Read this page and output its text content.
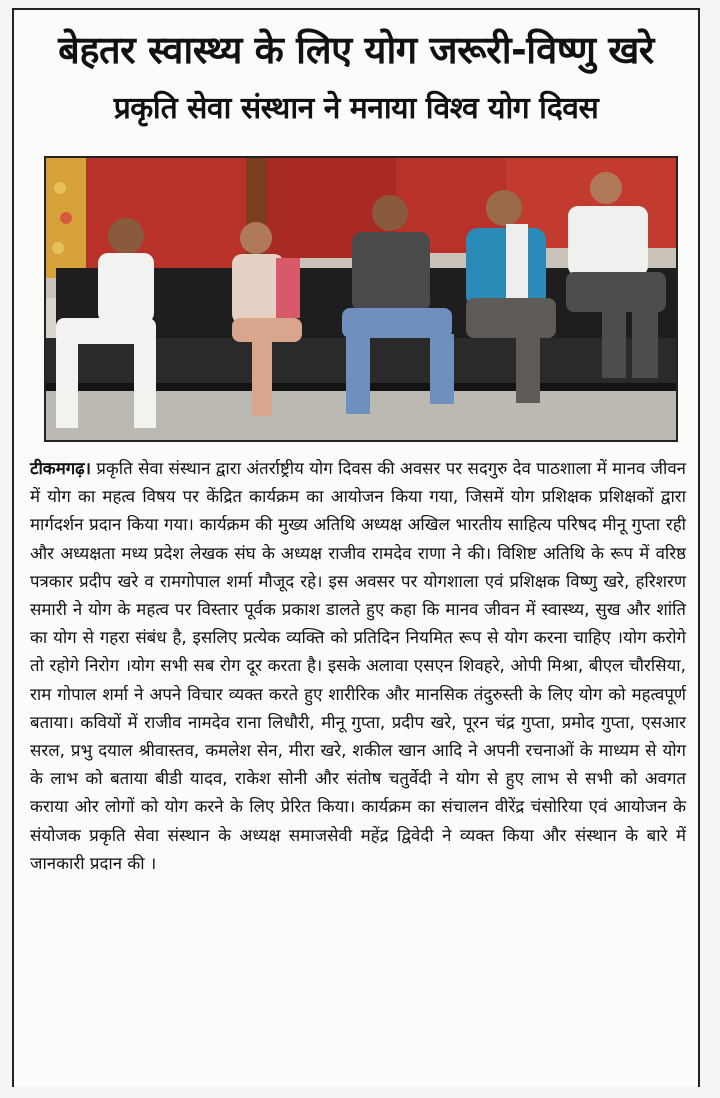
बेहतर स्वास्थ्य के लिए योग जरूरी-विष्णु खरे
प्रकृति सेवा संस्थान ने मनाया विश्व योग दिवस
टीकमगढ़। प्रकृति सेवा संस्थान द्वारा अंतर्राष्ट्रीय योग दिवस की अवसर पर सदगुरु देव पाठशाला में मानव जीवन में योग का महत्व विषय पर केंद्रित कार्यक्रम का आयोजन किया गया, जिसमें योग प्रशिक्षक प्रशिक्षकों द्वारा मार्गदर्शन प्रदान किया गया। कार्यक्रम की मुख्य अतिथि अध्यक्ष अखिल भारतीय साहित्य परिषद मीनू गुप्ता रही और अध्यक्षता मध्य प्रदेश लेखक संघ के अध्यक्ष राजीव रामदेव राणा ने की। विशिष्ट अतिथि के रूप में वरिष्ठ पत्रकार प्रदीप खरे व रामगोपाल शर्मा मौजूद रहे। इस अवसर पर योगशाला एवं प्रशिक्षक विष्णु खरे, हरिशरण समारी ने योग के महत्व पर विस्तार पूर्वक प्रकाश डालते हुए कहा कि मानव जीवन में स्वास्थ्य, सुख और शांति का योग से गहरा संबंध है, इसलिए प्रत्येक व्यक्ति को प्रतिदिन नियमित रूप से योग करना चाहिए ।योग करोगे तो रहोगे निरोग ।योग सभी सब रोग दूर करता है। इसके अलावा एसएन शिवहरे, ओपी मिश्रा, बीएल चौरसिया, राम गोपाल शर्मा ने अपने विचार व्यक्त करते हुए शारीरिक और मानसिक तंदुरुस्ती के लिए योग को महत्वपूर्ण बताया। कवियों में राजीव नामदेव राना लिधौरी, मीनू गुप्ता, प्रदीप खरे, पूरन चंद्र गुप्ता, प्रमोद गुप्ता, एसआर सरल, प्रभु दयाल श्रीवास्तव, कमलेश सेन, मीरा खरे, शकील खान आदि ने अपनी रचनाओं के माध्यम से योग के लाभ को बताया बीडी यादव, राकेश सोनी और संतोष चतुर्वेदी ने योग से हुए लाभ से सभी को अवगत कराया ओर लोगों को योग करने के लिए प्रेरित किया। कार्यक्रम का संचालन वीरेंद्र चंसोरिया एवं आयोजन के संयोजक प्रकृति सेवा संस्थान के अध्यक्ष समाजसेवी महेंद्र द्विवेदी ने व्यक्त किया और संस्थान के बारे में जानकारी प्रदान की ।
